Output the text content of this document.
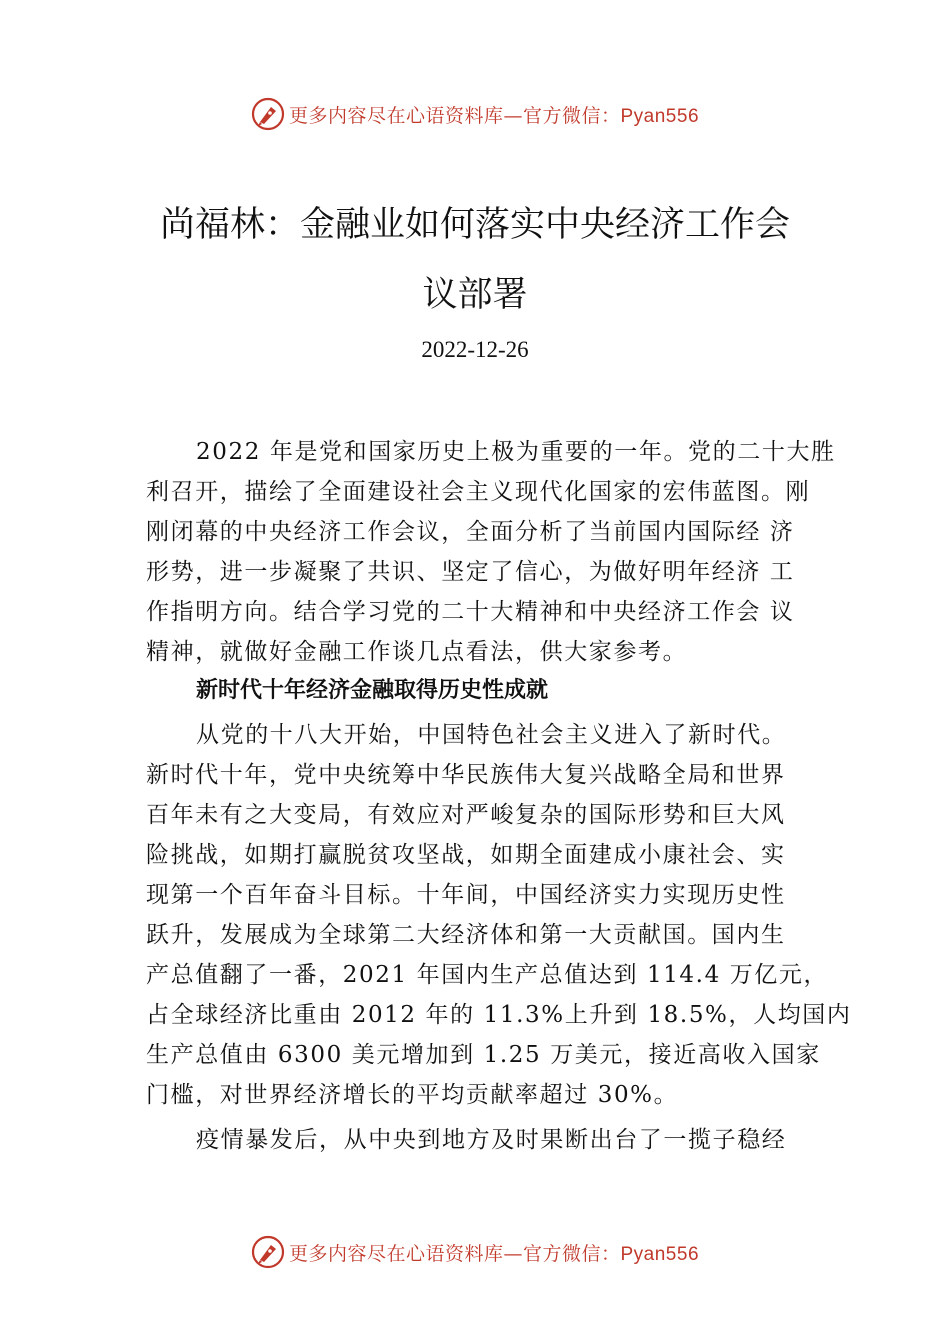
更多内容尽在心语资料库—官方微信：Pyan556
尚福林：金融业如何落实中央经济工作会
议部署
2022-12-26
2022 年是党和国家历史上极为重要的一年。党的二十大胜
利召开，描绘了全面建设社会主义现代化国家的宏伟蓝图。刚
刚闭幕的中央经济工作会议，全面分析了当前国内国际经 济
形势，进一步凝聚了共识、坚定了信心，为做好明年经济 工
作指明方向。结合学习党的二十大精神和中央经济工作会 议
精神，就做好金融工作谈几点看法，供大家参考。
新时代十年经济金融取得历史性成就
从党的十八大开始，中国特色社会主义进入了新时代。
新时代十年，党中央统筹中华民族伟大复兴战略全局和世界
百年未有之大变局，有效应对严峻复杂的国际形势和巨大风
险挑战，如期打赢脱贫攻坚战，如期全面建成小康社会、实
现第一个百年奋斗目标。十年间，中国经济实力实现历史性
跃升，发展成为全球第二大经济体和第一大贡献国。国内生
产总值翻了一番，2021 年国内生产总值达到 114.4 万亿元，
占全球经济比重由 2012 年的 11.3%上升到 18.5%，人均国内
生产总值由 6300 美元增加到 1.25 万美元，接近高收入国家
门槛，对世界经济增长的平均贡献率超过 30%。
疫情暴发后，从中央到地方及时果断出台了一揽子稳经
更多内容尽在心语资料库—官方微信：Pyan556
